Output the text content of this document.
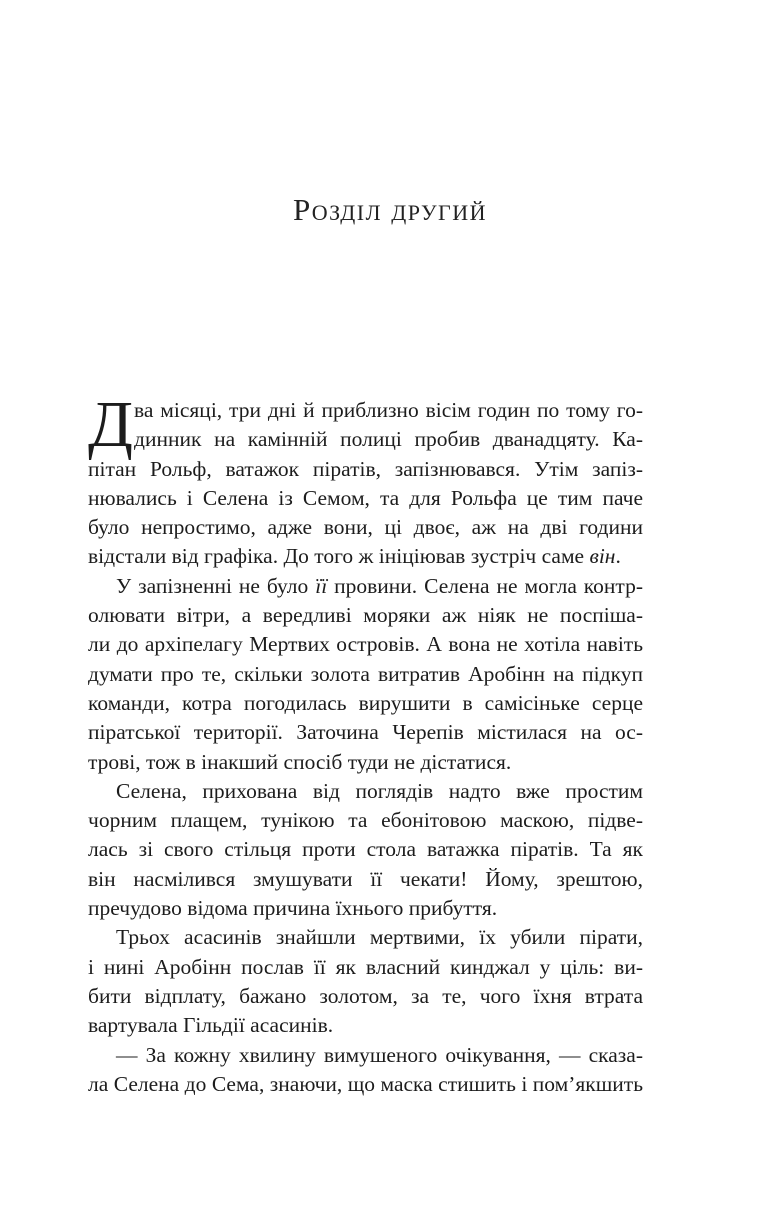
Розділ другий
Д ва місяці, три дні й приблизно вісім годин по тому го-
динник на камінній полиці пробив дванадцяту. Ка-
пітан Рольф, ватажок піратів, запізнювався. Утім запіз-
нювались і Селена із Семом, та для Рольфа це тим паче
було непростимо, адже вони, ці двоє, аж на дві години
відстали від графіка. До того ж ініціював зустріч саме він.
У запізненні не було її провини. Селена не могла контр-
олювати вітри, а вередливі моряки аж ніяк не поспіша-
ли до архіпелагу Мертвих островів. А вона не хотіла навіть
думати про те, скільки золота витратив Аробінн на підкуп
команди, котра погодилась вирушити в самісіньке серце
піратської території. Заточина Черепів містилася на ос-
трові, тож в інакший спосіб туди не дістатися.
Селена, прихована від поглядів надто вже простим
чорним плащем, тунікою та ебонітовою маскою, підве-
лась зі свого стільця проти стола ватажка піратів. Та як
він насмілився змушувати її чекати! Йому, зрештою,
пречудово відома причина їхнього прибуття.
Трьох асасинів знайшли мертвими, їх убили пірати,
і нині Аробінн послав її як власний кинджал у ціль: ви-
бити відплату, бажано золотом, за те, чого їхня втрата
вартувала Гільдії асасинів.
— За кожну хвилину вимушеного очікування, — сказа-
ла Селена до Сема, знаючи, що маска стишить і пом’якшить
